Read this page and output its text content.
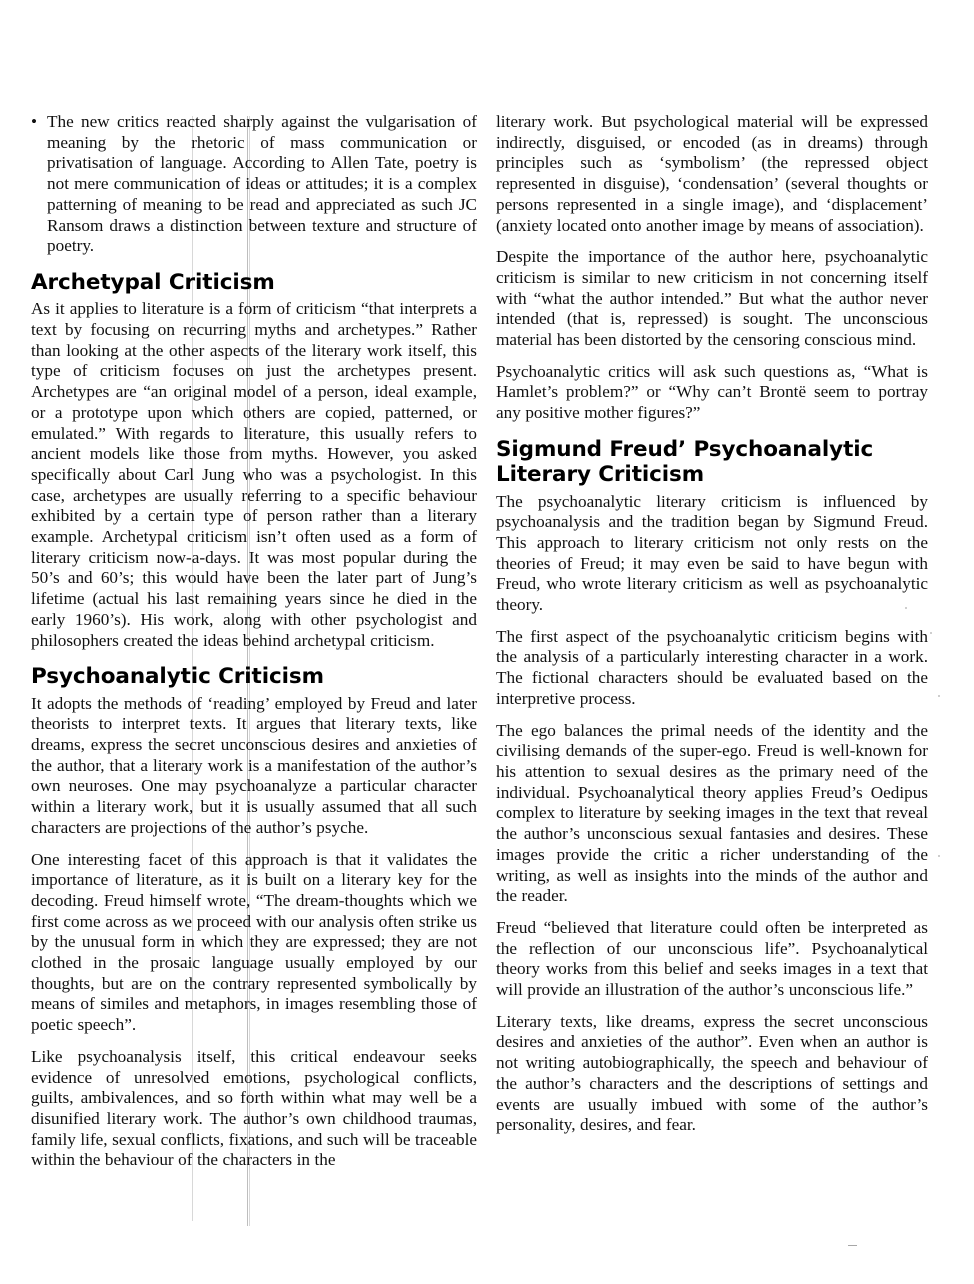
• The new critics reacted sharply against the vulgarisation of meaning by the rhetoric of mass communication or privatisation of language. According to Allen Tate, poetry is not mere communication of ideas or attitudes; it is a complex patterning of meaning to be read and appreciated as such JC Ransom draws a distinction between texture and structure of poetry.

Archetypal Criticism

As it applies to literature is a form of criticism “that interprets a text by focusing on recurring myths and archetypes.” Rather than looking at the other aspects of the literary work itself, this type of criticism focuses on just the archetypes present. Archetypes are “an original model of a person, ideal example, or a prototype upon which others are copied, patterned, or emulated.” With regards to literature, this usually refers to ancient models like those from myths. However, you asked specifically about Carl Jung who was a psychologist. In this case, archetypes are usually referring to a specific behaviour exhibited by a certain type of person rather than a literary example. Archetypal criticism isn’t often used as a form of literary criticism now-a-days. It was most popular during the 50’s and 60’s; this would have been the later part of Jung’s lifetime (actual his last remaining years since he died in the early 1960’s). His work, along with other psychologist and philosophers created the ideas behind archetypal criticism.

Psychoanalytic Criticism

It adopts the methods of ‘reading’ employed by Freud and later theorists to interpret texts. It argues that literary texts, like dreams, express the secret unconscious desires and anxieties of the author, that a literary work is a manifestation of the author’s own neuroses. One may psychoanalyze a particular character within a literary work, but it is usually assumed that all such characters are projections of the author’s psyche.

One interesting facet of this approach is that it validates the importance of literature, as it is built on a literary key for the decoding. Freud himself wrote, “The dream-thoughts which we first come across as we proceed with our analysis often strike us by the unusual form in which they are expressed; they are not clothed in the prosaic language usually employed by our thoughts, but are on the contrary represented symbolically by means of similes and metaphors, in images resembling those of poetic speech”.

Like psychoanalysis itself, this critical endeavour seeks evidence of unresolved emotions, psychological conflicts, guilts, ambivalences, and so forth within what may well be a disunified literary work. The author’s own childhood traumas, family life, sexual conflicts, fixations, and such will be traceable within the behaviour of the characters in the

literary work. But psychological material will be expressed indirectly, disguised, or encoded (as in dreams) through principles such as ‘symbolism’ (the repressed object represented in disguise), ‘condensation’ (several thoughts or persons represented in a single image), and ‘displacement’ (anxiety located onto another image by means of association).

Despite the importance of the author here, psychoanalytic criticism is similar to new criticism in not concerning itself with “what the author intended.” But what the author never intended (that is, repressed) is sought. The unconscious material has been distorted by the censoring conscious mind.

Psychoanalytic critics will ask such questions as, “What is Hamlet’s problem?” or “Why can’t Brontë seem to portray any positive mother figures?”

Sigmund Freud’ Psychoanalytic Literary Criticism

The psychoanalytic literary criticism is influenced by psychoanalysis and the tradition began by Sigmund Freud. This approach to literary criticism not only rests on the theories of Freud; it may even be said to have begun with Freud, who wrote literary criticism as well as psychoanalytic theory.

The first aspect of the psychoanalytic criticism begins with the analysis of a particularly interesting character in a work. The fictional characters should be evaluated based on the interpretive process.

The ego balances the primal needs of the identity and the civilising demands of the super-ego. Freud is well-known for his attention to sexual desires as the primary need of the individual. Psychoanalytical theory applies Freud’s Oedipus complex to literature by seeking images in the text that reveal the author’s unconscious sexual fantasies and desires. These images provide the critic a richer understanding of the writing, as well as insights into the minds of the author and the reader.

Freud “believed that literature could often be interpreted as the reflection of our unconscious life”. Psychoanalytical theory works from this belief and seeks images in a text that will provide an illustration of the author’s unconscious life.”

Literary texts, like dreams, express the secret unconscious desires and anxieties of the author”. Even when an author is not writing autobiographically, the speech and behaviour of the author’s characters and the descriptions of settings and events are usually imbued with some of the author’s personality, desires, and fear.
